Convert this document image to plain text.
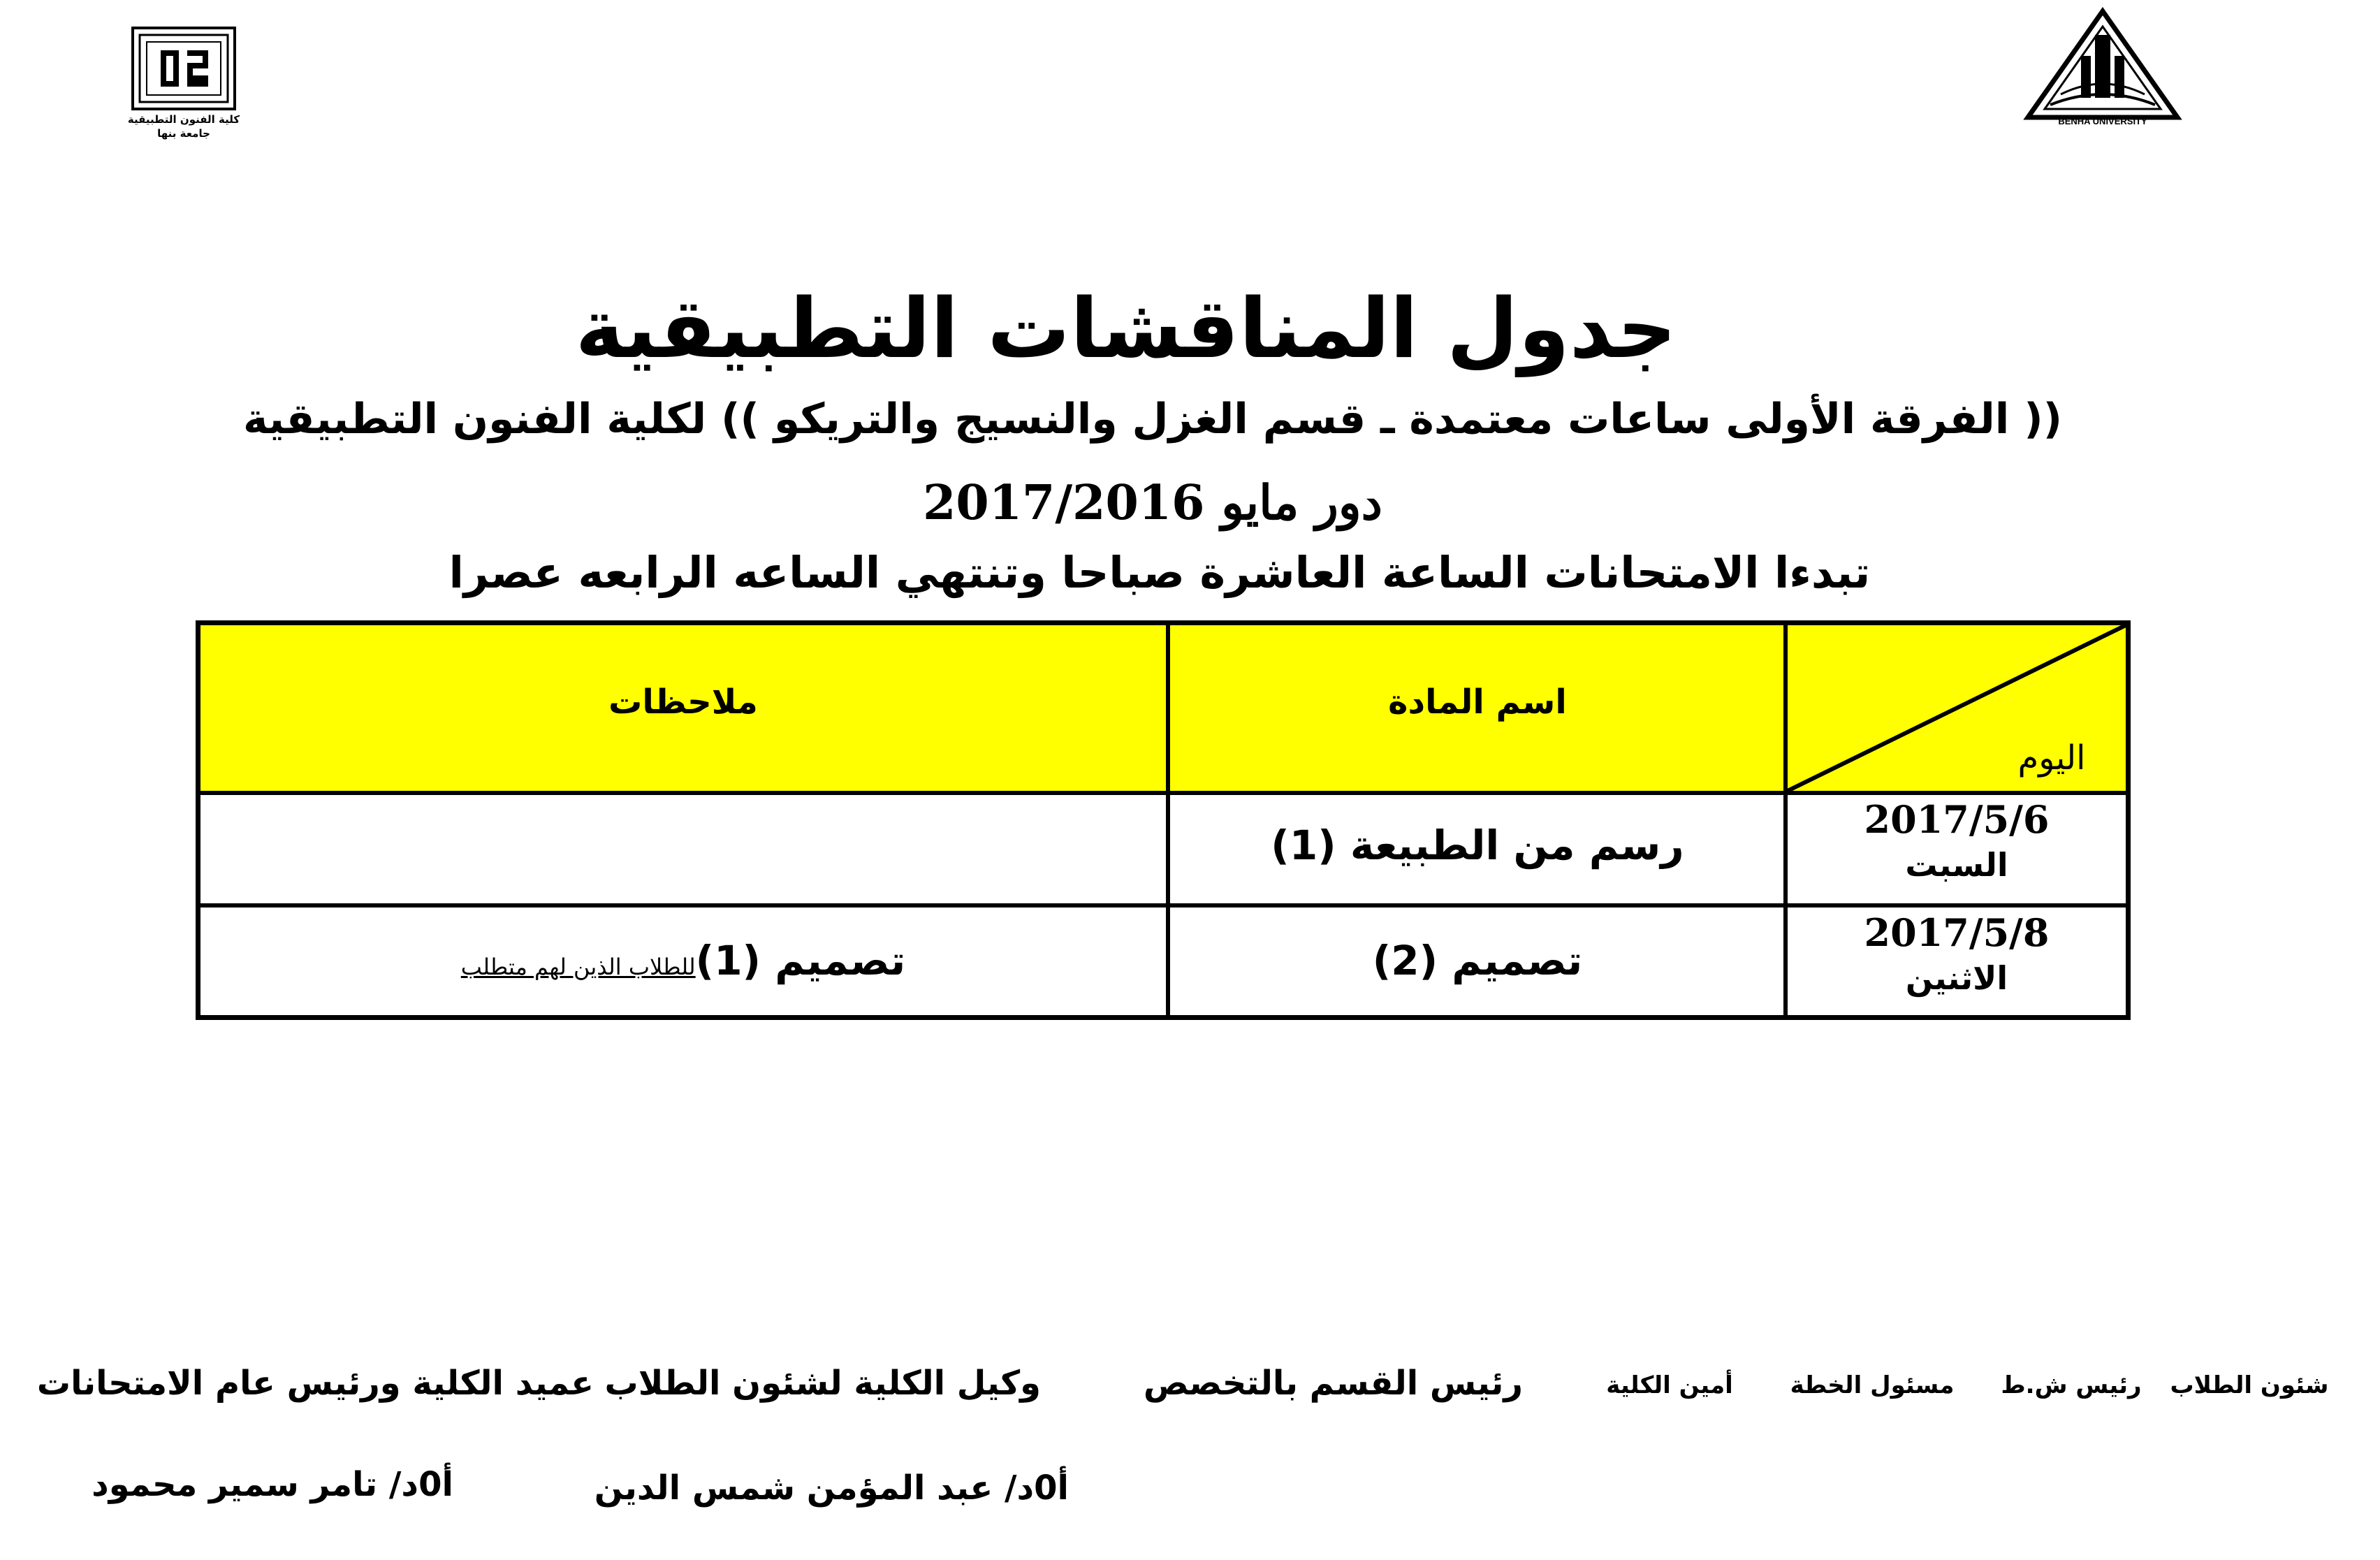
كلية الفنون التطبيقية
جامعة بنها
BENHA UNIVERSITY
جدول المناقشات التطبيقية
(( الفرقة الأولى ساعات معتمدة ـ قسم الغزل والنسيج والتريكو )) لكلية الفنون التطبيقية
دور مايو 2017/2016
تبدءا الامتحانات الساعة العاشرة صباحا وتنتهي الساعه الرابعه عصرا
اليوم
اسم المادة
ملاحظات
2017/5/6
السبت
رسم من الطبيعة (1)
2017/5/8
الاثنين
تصميم (2)
تصميم (1)للطلاب الذين لهم متطلب
شئون الطلاب
رئيس ش.ط
مسئول الخطة
أمين الكلية
رئيس القسم بالتخصص
وكيل الكلية لشئون الطلاب
عميد الكلية ورئيس عام الامتحانات
أ0د/ عبد المؤمن شمس الدين
أ0د/ تامر سمير محمود
